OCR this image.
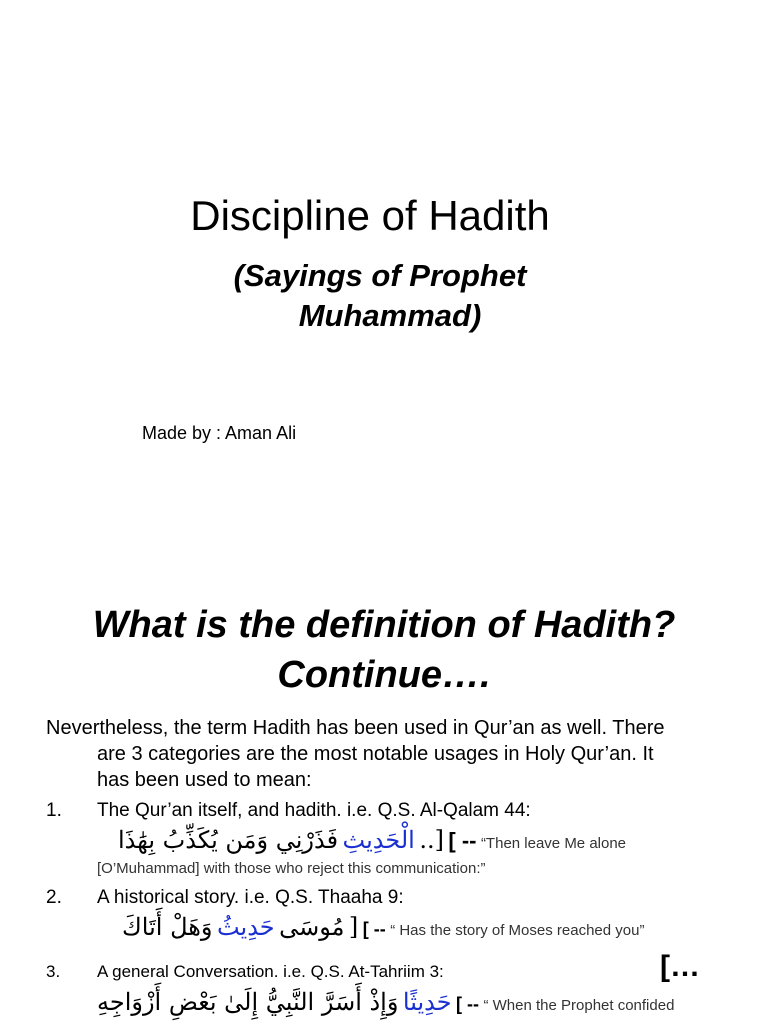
Discipline of Hadith
(Sayings of Prophet
Muhammad)
Made by : Aman Ali
What is the definition of Hadith?
Continue….
Nevertheless, the term Hadith has been used in Qur’an as well. There
are 3 categories are the most notable usages in Holy Qur’an. It
has been used to mean:
1. The Qur’an itself, and hadith. i.e. Q.S. Al-Qalam 44:
[.. الْحَدِيثِ فَذَرْنِي وَمَن يُكَذِّبُ بِهَٰذَا	[ -- “Then leave Me alone
[O’Muhammad] with those who reject this communication:”
2. A historical story. i.e. Q.S. Thaaha 9:
[ مُوسَى حَدِيثُ وَهَلْ أَتَاكَ	[ -- “ Has the story of Moses reached you”
3. A general Conversation. i.e. Q.S. At-Tahriim 3:	[…
حَدِيثًا وَإِذْ أَسَرَّ النَّبِيُّ إِلَىٰ بَعْضِ أَزْوَاجِهِ	[ -- “ When the Prophet confided
